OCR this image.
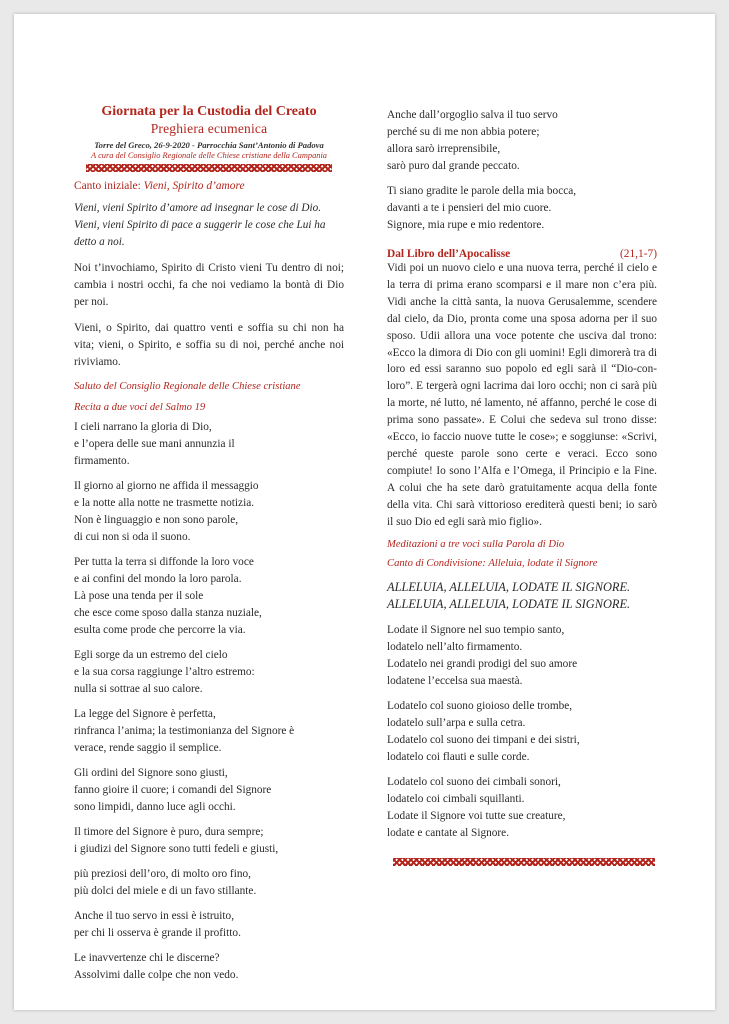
Giornata per la Custodia del Creato

Preghiera ecumenica

Torre del Greco, 26-9-2020 - Parrocchia Sant’Antonio di Padova

A cura del Consiglio Regionale delle Chiese cristiane della Campania

Canto iniziale: Vieni, Spirito d’amore

Vieni, vieni Spirito d’amore ad insegnar le cose di Dio.

Vieni, vieni Spirito di pace a suggerir le cose che Lui ha detto a noi.

Noi t’invochiamo, Spirito di Cristo vieni Tu dentro di noi; cambia i nostri occhi, fa che noi vediamo la bontà di Dio per noi.

Vieni, o Spirito, dai quattro venti e soffia su chi non ha vita; vieni, o Spirito, e soffia su di noi, perché anche noi riviviamo.

Saluto del Consiglio Regionale delle Chiese cristiane

Recita a due voci del Salmo 19

I cieli narrano la gloria di Dio,

e l’opera delle sue mani annunzia il

firmamento.

Il giorno al giorno ne affida il messaggio

e la notte alla notte ne trasmette notizia.

Non è linguaggio e non sono parole,

di cui non si oda il suono.

Per tutta la terra si diffonde la loro voce

e ai confini del mondo la loro parola.

Là pose una tenda per il sole

che esce come sposo dalla stanza nuziale,

esulta come prode che percorre la via.

Egli sorge da un estremo del cielo

e la sua corsa raggiunge l’altro estremo:

nulla si sottrae al suo calore.

La legge del Signore è perfetta,

rinfranca l’anima; la testimonianza del Signore è

verace, rende saggio il semplice.

Gli ordini del Signore sono giusti,

fanno gioire il cuore; i comandi del Signore

sono limpidi, danno luce agli occhi.

Il timore del Signore è puro, dura sempre;

i giudizi del Signore sono tutti fedeli e giusti,

più preziosi dell’oro, di molto oro fino,

più dolci del miele e di un favo stillante.

Anche il tuo servo in essi è istruito,

per chi li osserva è grande il profitto.

Le inavvertenze chi le discerne?

Assolvimi dalle colpe che non vedo.

Anche dall’orgoglio salva il tuo servo

perché su di me non abbia potere;

allora sarò irreprensibile,

sarò puro dal grande peccato.

Ti siano gradite le parole della mia bocca,

davanti a te i pensieri del mio cuore.

Signore, mia rupe e mio redentore.

Dal Libro dell’Apocalisse	(21,1-7)

Vidi poi un nuovo cielo e una nuova terra, perché il cielo e la terra di prima erano scomparsi e il mare non c’era più. Vidi anche la città santa, la nuova Gerusalemme, scendere dal cielo, da Dio, pronta come una sposa adorna per il suo sposo. Udii allora una voce potente che usciva dal trono: «Ecco la dimora di Dio con gli uomini! Egli dimorerà tra di loro ed essi saranno suo popolo ed egli sarà il “Dio-con-loro”. E tergerà ogni lacrima dai loro occhi; non ci sarà più la morte, né lutto, né lamento, né affanno, perché le cose di prima sono passate». E Colui che sedeva sul trono disse: «Ecco, io faccio nuove tutte le cose»; e soggiunse: «Scrivi, perché queste parole sono certe e veraci. Ecco sono compiute! Io sono l’Alfa e l’Omega, il Principio e la Fine. A colui che ha sete darò gratuitamente acqua della fonte della vita. Chi sarà vittorioso erediterà questi beni; io sarò il suo Dio ed egli sarà mio figlio».

Meditazioni a tre voci sulla Parola di Dio

Canto di Condivisione: Alleluia, lodate il Signore

ALLELUIA, ALLELUIA, LODATE IL SIGNORE. ALLELUIA, ALLELUIA, LODATE IL SIGNORE.

Lodate il Signore nel suo tempio santo,

lodatelo nell’alto firmamento.

Lodatelo nei grandi prodigi del suo amore

lodatene l’eccelsa sua maestà.

Lodatelo col suono gioioso delle trombe,

lodatelo sull’arpa e sulla cetra.

Lodatelo col suono dei timpani e dei sistri,

lodatelo coi flauti e sulle corde.

Lodatelo col suono dei cimbali sonori,

lodatelo coi cimbali squillanti.

Lodate il Signore voi tutte sue creature,

lodate e cantate al Signore.
